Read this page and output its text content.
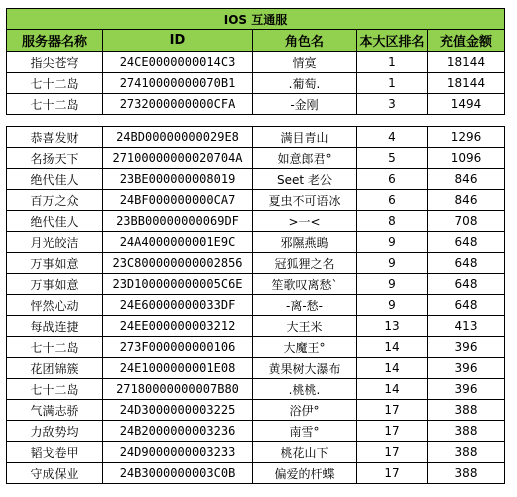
IOS 互通服				
服务器名称	ID	角色名	本大区排名	充值金额
指尖苍穹	24CE0000000014C3	情寞	1	18144
七十二岛	27410000000070B1	.葡萄.	1	18144
七十二岛	2732000000000CFA	-金刚	3	1494
恭喜发财	24BD00000000029E8	满目青山	4	1296
名扬天下	27100000000020704A	如意郎君°	5	1096
绝代佳人	23BE000000008019	Seet 老公	6	846
百万之众	24BF000000000CA7	夏虫不可语冰	6	846
绝代佳人	23BB00000000069DF	>一<	8	708
月光皎洁	24A4000000001E9C	邪隰燕鴡	9	648
万事如意	23C800000000002856	冠狐狸之名	9	648
万事如意	23D100000000005C6E	笙歌叹离愁`	9	648
怦然心动	24E60000000033DF	-离-愁-	9	648
每战连捷	24EE000000003212	大王米	13	413
七十二岛	273F000000000106	大魔王°	14	396
花团锦簇	24E1000000001E08	黄果树大瀑布	14	396
七十二岛	27180000000007B80	.桃桃.	14	396
气满志骄	24D3000000003225	浴伊°	17	388
力敌势均	24B2000000003236	南雪°	17	388
韬戈卷甲	24D9000000003233	桃花山下	17	388
守成保业	24B3000000003C0B	偏爱的杆蝶	17	388
